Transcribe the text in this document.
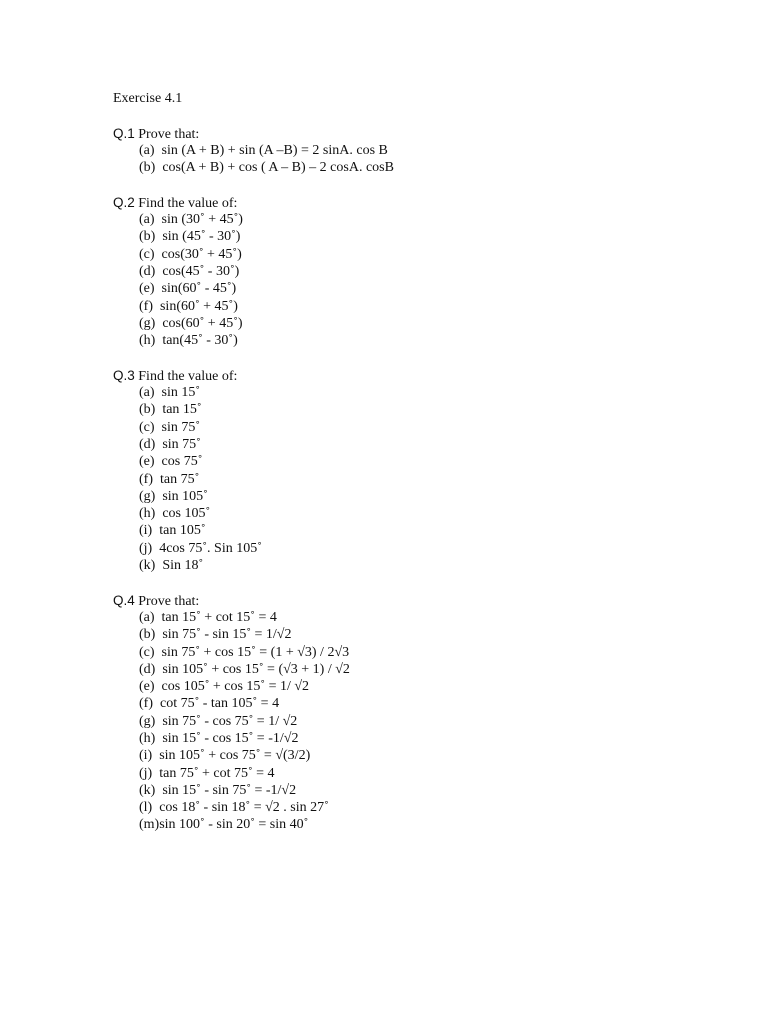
Exercise 4.1
Q.1 Prove that:
(a)  sin (A + B) + sin (A –B) = 2 sinA. cos B
(b)  cos(A + B) + cos ( A – B) – 2 cosA. cosB
Q.2 Find the value of:
(a)  sin (30˚ + 45˚)
(b)  sin (45˚ - 30˚)
(c)  cos(30˚ + 45˚)
(d)  cos(45˚ - 30˚)
(e)  sin(60˚ - 45˚)
(f)  sin(60˚ + 45˚)
(g)  cos(60˚ + 45˚)
(h)  tan(45˚ - 30˚)
Q.3 Find the value of:
(a)  sin 15˚
(b)  tan 15˚
(c)  sin 75˚
(d)  sin 75˚
(e)  cos 75˚
(f)  tan 75˚
(g)  sin 105˚
(h)  cos 105˚
(i)  tan 105˚
(j)  4cos 75˚. Sin 105˚
(k)  Sin 18˚
Q.4 Prove that:
(a)  tan 15˚ + cot 15˚ = 4
(b)  sin 75˚ - sin 15˚ = 1/√2
(c)  sin 75˚ + cos 15˚ = (1 + √3) / 2√3
(d)  sin 105˚ + cos 15˚ = (√3 + 1) / √2
(e)  cos 105˚ + cos 15˚ = 1/ √2
(f)  cot 75˚ - tan 105˚ = 4
(g)  sin 75˚ - cos 75˚ = 1/ √2
(h)  sin 15˚ - cos 15˚ = -1/√2
(i)  sin 105˚ + cos 75˚ = √(3/2)
(j)  tan 75˚ + cot 75˚ = 4
(k)  sin 15˚ - sin 75˚ = -1/√2
(l)  cos 18˚ - sin 18˚ = √2 . sin 27˚
(m)sin 100˚ - sin 20˚ = sin 40˚
